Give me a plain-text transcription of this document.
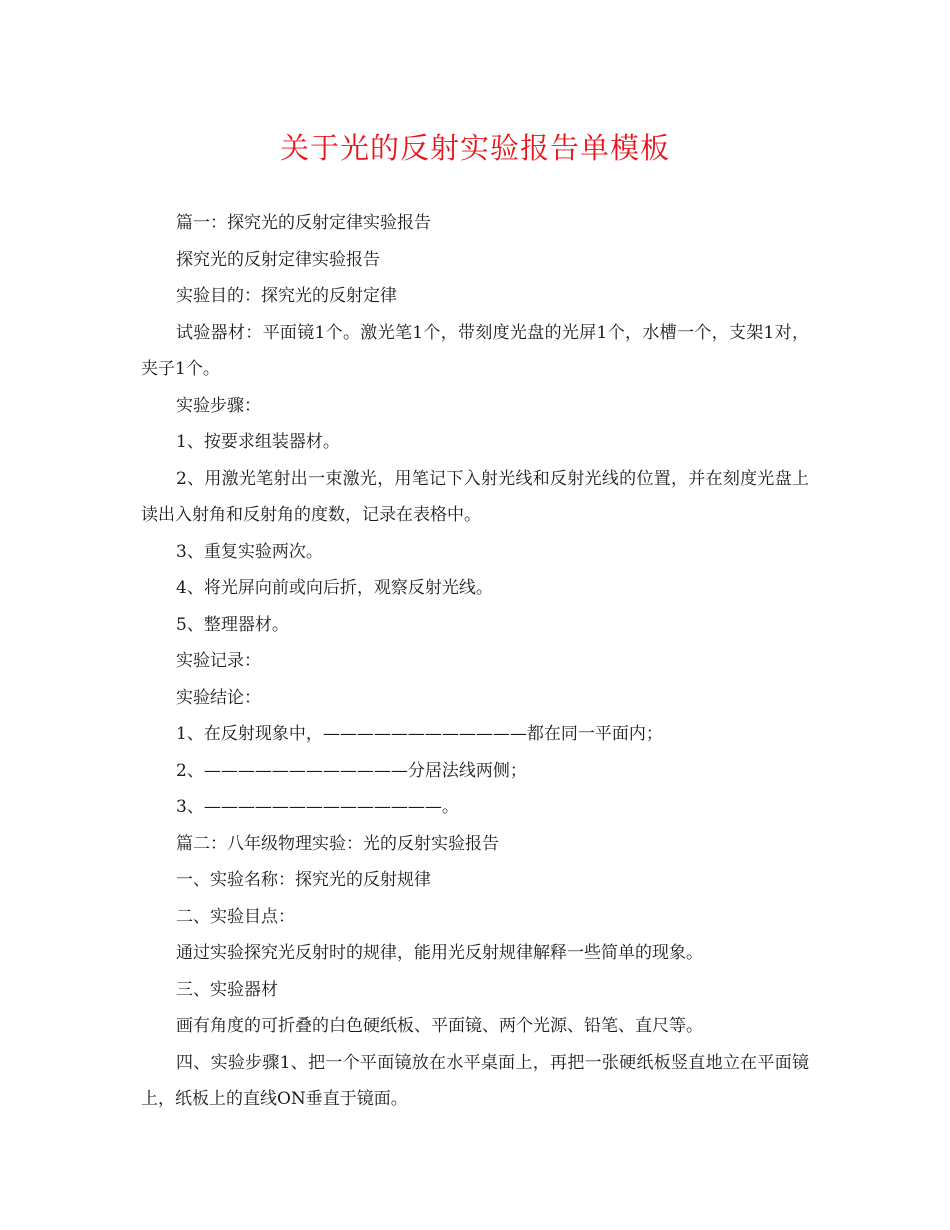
关于光的反射实验报告单模板

篇一：探究光的反射定律实验报告

探究光的反射定律实验报告

实验目的：探究光的反射定律

试验器材：平面镜1个。激光笔1个，带刻度光盘的光屏1个，水槽一个，支架1对，夹子1个。

实验步骤：

1、按要求组装器材。

2、用激光笔射出一束激光，用笔记下入射光线和反射光线的位置，并在刻度光盘上读出入射角和反射角的度数，记录在表格中。

3、重复实验两次。

4、将光屏向前或向后折，观察反射光线。

5、整理器材。

实验记录：

实验结论：

1、在反射现象中，————————————都在同一平面内；

2、————————————分居法线两侧；

3、——————————————。

篇二：八年级物理实验：光的反射实验报告

一、实验名称：探究光的反射规律

二、实验目点：

通过实验探究光反射时的规律，能用光反射规律解释一些简单的现象。

三、实验器材

画有角度的可折叠的白色硬纸板、平面镜、两个光源、铅笔、直尺等。

四、实验步骤1、把一个平面镜放在水平桌面上，再把一张硬纸板竖直地立在平面镜上，纸板上的直线ON垂直于镜面。
